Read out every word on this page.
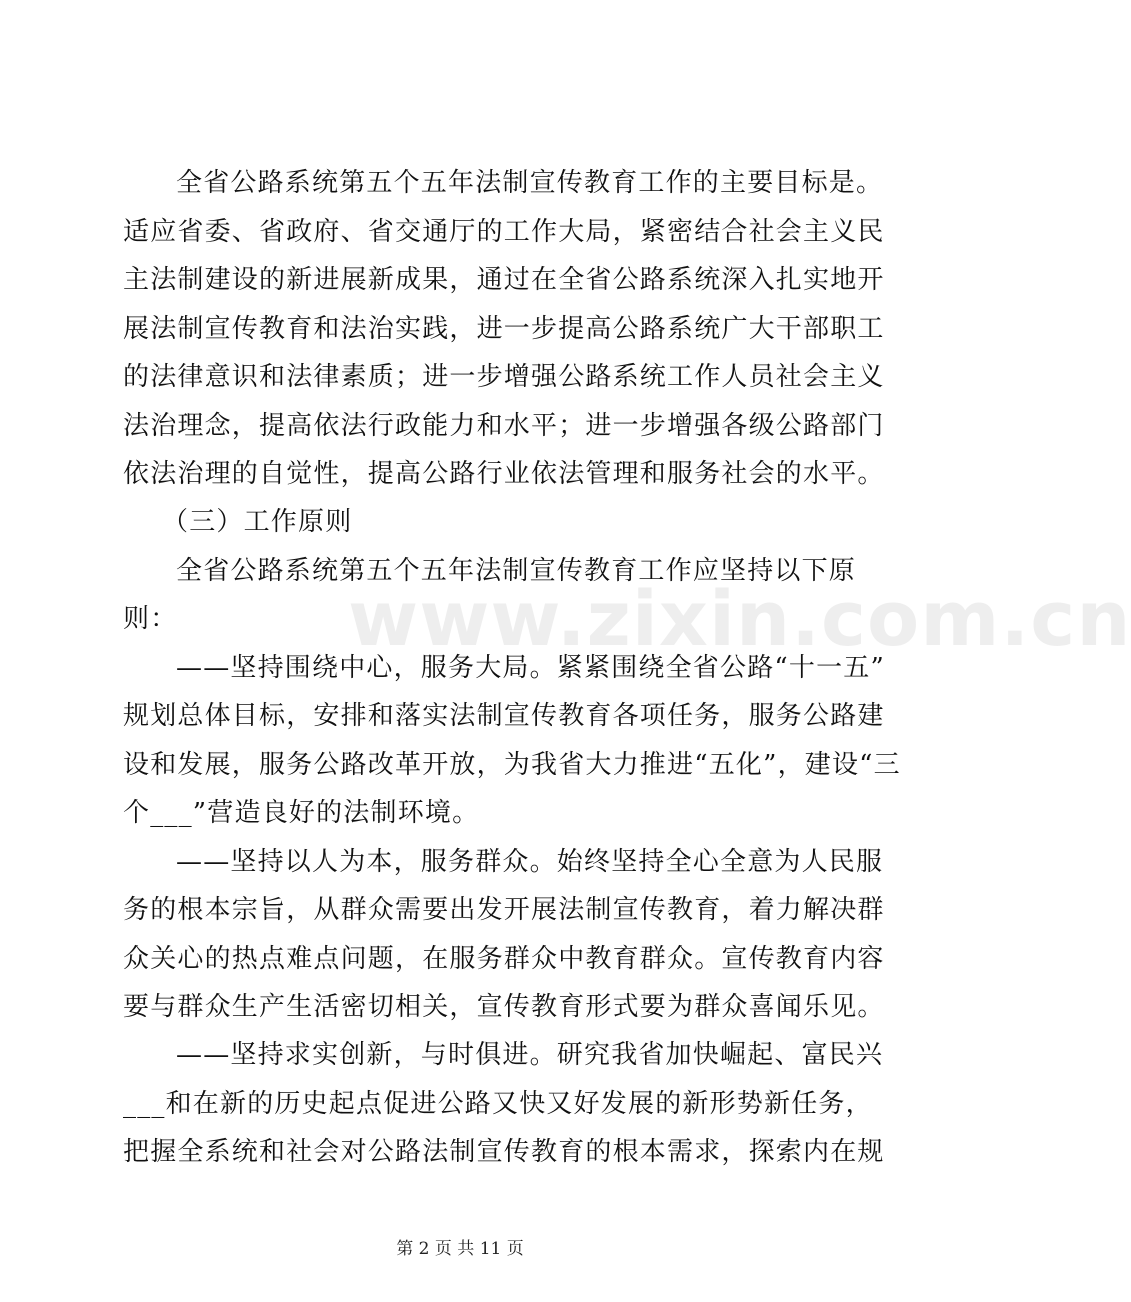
www.zixin.com.cn
全省公路系统第五个五年法制宣传教育工作的主要目标是。
适应省委、省政府、省交通厅的工作大局，紧密结合社会主义民
主法制建设的新进展新成果，通过在全省公路系统深入扎实地开
展法制宣传教育和法治实践，进一步提高公路系统广大干部职工
的法律意识和法律素质；进一步增强公路系统工作人员社会主义
法治理念，提高依法行政能力和水平；进一步增强各级公路部门
依法治理的自觉性，提高公路行业依法管理和服务社会的水平。
（三）工作原则
全省公路系统第五个五年法制宣传教育工作应坚持以下原
则：
——坚持围绕中心，服务大局。紧紧围绕全省公路“十一五”
规划总体目标，安排和落实法制宣传教育各项任务，服务公路建
设和发展，服务公路改革开放，为我省大力推进“五化”，建设“三
个___”营造良好的法制环境。
——坚持以人为本，服务群众。始终坚持全心全意为人民服
务的根本宗旨，从群众需要出发开展法制宣传教育，着力解决群
众关心的热点难点问题，在服务群众中教育群众。宣传教育内容
要与群众生产生活密切相关，宣传教育形式要为群众喜闻乐见。
——坚持求实创新，与时俱进。研究我省加快崛起、富民兴
___和在新的历史起点促进公路又快又好发展的新形势新任务，
把握全系统和社会对公路法制宣传教育的根本需求，探索内在规
第 2 页 共 11 页
